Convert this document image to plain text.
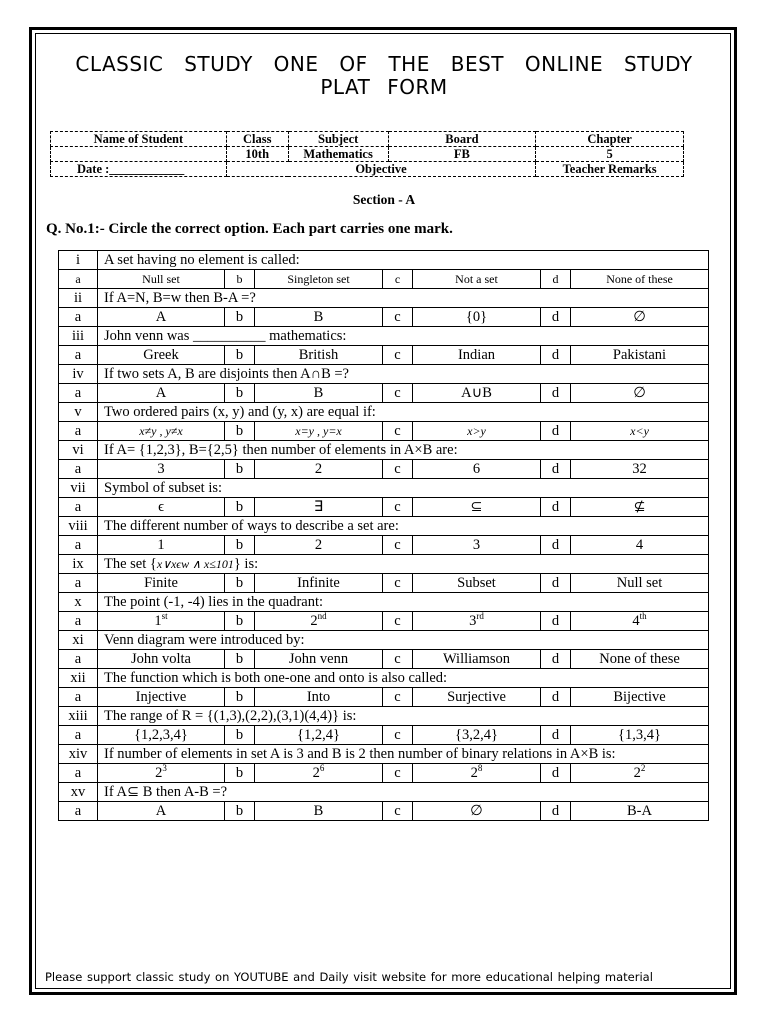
CLASSIC STUDY ONE OF THE BEST ONLINE STUDY
PLAT FORM
Name of Student	Class	Subject	Board	Chapter
	10th	Mathematics	FB	5
Date :____________	Objective			Teacher Remarks
Section - A
Q. No.1:- Circle the correct option. Each part carries one mark.
i	A set having no element is called:						
a	Null set	b	Singleton set	c	Not a set	d	None of these
ii	If A=N, B=w then B-A =?						
a	A	b	B	c	{0}	d	∅
iii	John venn was __________ mathematics:						
a	Greek	b	British	c	Indian	d	Pakistani
iv	If two sets A, B are disjoints then A∩B =?						
a	A	b	B	c	A∪B	d	∅
v	Two ordered pairs (x, y) and (y, x) are equal if:						
a	x≠y , y≠x	b	x=y , y=x	c	x>y	d	x<y
vi	If A= {1,2,3}, B={2,5} then number of elements in A×B are:						
a	3	b	2	c	6	d	32
vii	Symbol of subset is:						
a	ϵ	b	∃	c	⊆	d	⊈
viii	The different number of ways to describe a set are:						
a	1	b	2	c	3	d	4
ix	The set {x∨xϵw ∧ x≤101} is:						
a	Finite	b	Infinite	c	Subset	d	Null set
x	The point (-1, -4) lies in the quadrant:						
a	1st	b	2nd	c	3rd	d	4th
xi	Venn diagram were introduced by:						
a	John volta	b	John venn	c	Williamson	d	None of these
xii	The function which is both one-one and onto is also called:						
a	Injective	b	Into	c	Surjective	d	Bijective
xiii	The range of R = {(1,3),(2,2),(3,1)(4,4)} is:						
a	{1,2,3,4}	b	{1,2,4}	c	{3,2,4}	d	{1,3,4}
xiv	If number of elements in set A is 3 and B is 2 then number of binary relations in A×B is:						
a	$2^3$	b	$2^6$	c	$2^8$	d	$2^2$
xv	If A⊆ B then A-B =?						
a	A	b	B	c	∅	d	B-A
Please support classic study on YOUTUBE and Daily visit website for more educational helping material
